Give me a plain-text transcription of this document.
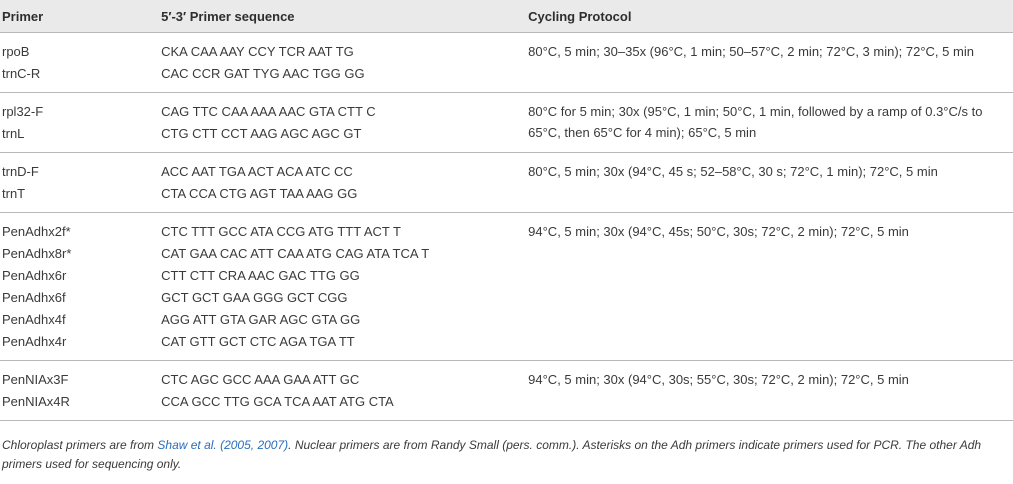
Primer	5′-3′ Primer sequence	Cycling Protocol
rpoB	CKA CAA AAY CCY TCR AAT TG	80°C, 5 min; 30–35x (96°C, 1 min; 50–57°C, 2 min; 72°C, 3 min); 72°C, 5 min
trnC-R	CAC CCR GAT TYG AAC TGG GG	
rpl32-F	CAG TTC CAA AAA AAC GTA CTT C	80°C for 5 min; 30x (95°C, 1 min; 50°C, 1 min, followed by a ramp of 0.3°C/s to 65°C, then 65°C for 4 min); 65°C, 5 min
trnL	CTG CTT CCT AAG AGC AGC GT	
trnD-F	ACC AAT TGA ACT ACA ATC CC	80°C, 5 min; 30x (94°C, 45 s; 52–58°C, 30 s; 72°C, 1 min); 72°C, 5 min
trnT	CTA CCA CTG AGT TAA AAG GG	
PenAdhx2f*	CTC TTT GCC ATA CCG ATG TTT ACT T	94°C, 5 min; 30x (94°C, 45s; 50°C, 30s; 72°C, 2 min); 72°C, 5 min
PenAdhx8r*	CAT GAA CAC ATT CAA ATG CAG ATA TCA T	
PenAdhx6r	CTT CTT CRA AAC GAC TTG GG	
PenAdhx6f	GCT GCT GAA GGG GCT CGG	
PenAdhx4f	AGG ATT GTA GAR AGC GTA GG	
PenAdhx4r	CAT GTT GCT CTC AGA TGA TT	
PenNIAx3F	CTC AGC GCC AAA GAA ATT GC	94°C, 5 min; 30x (94°C, 30s; 55°C, 30s; 72°C, 2 min); 72°C, 5 min
PenNIAx4R	CCA GCC TTG GCA TCA AAT ATG CTA	
Chloroplast primers are from Shaw et al. (2005, 2007). Nuclear primers are from Randy Small (pers. comm.). Asterisks on the Adh primers indicate primers used for PCR. The other Adh primers used for sequencing only.
